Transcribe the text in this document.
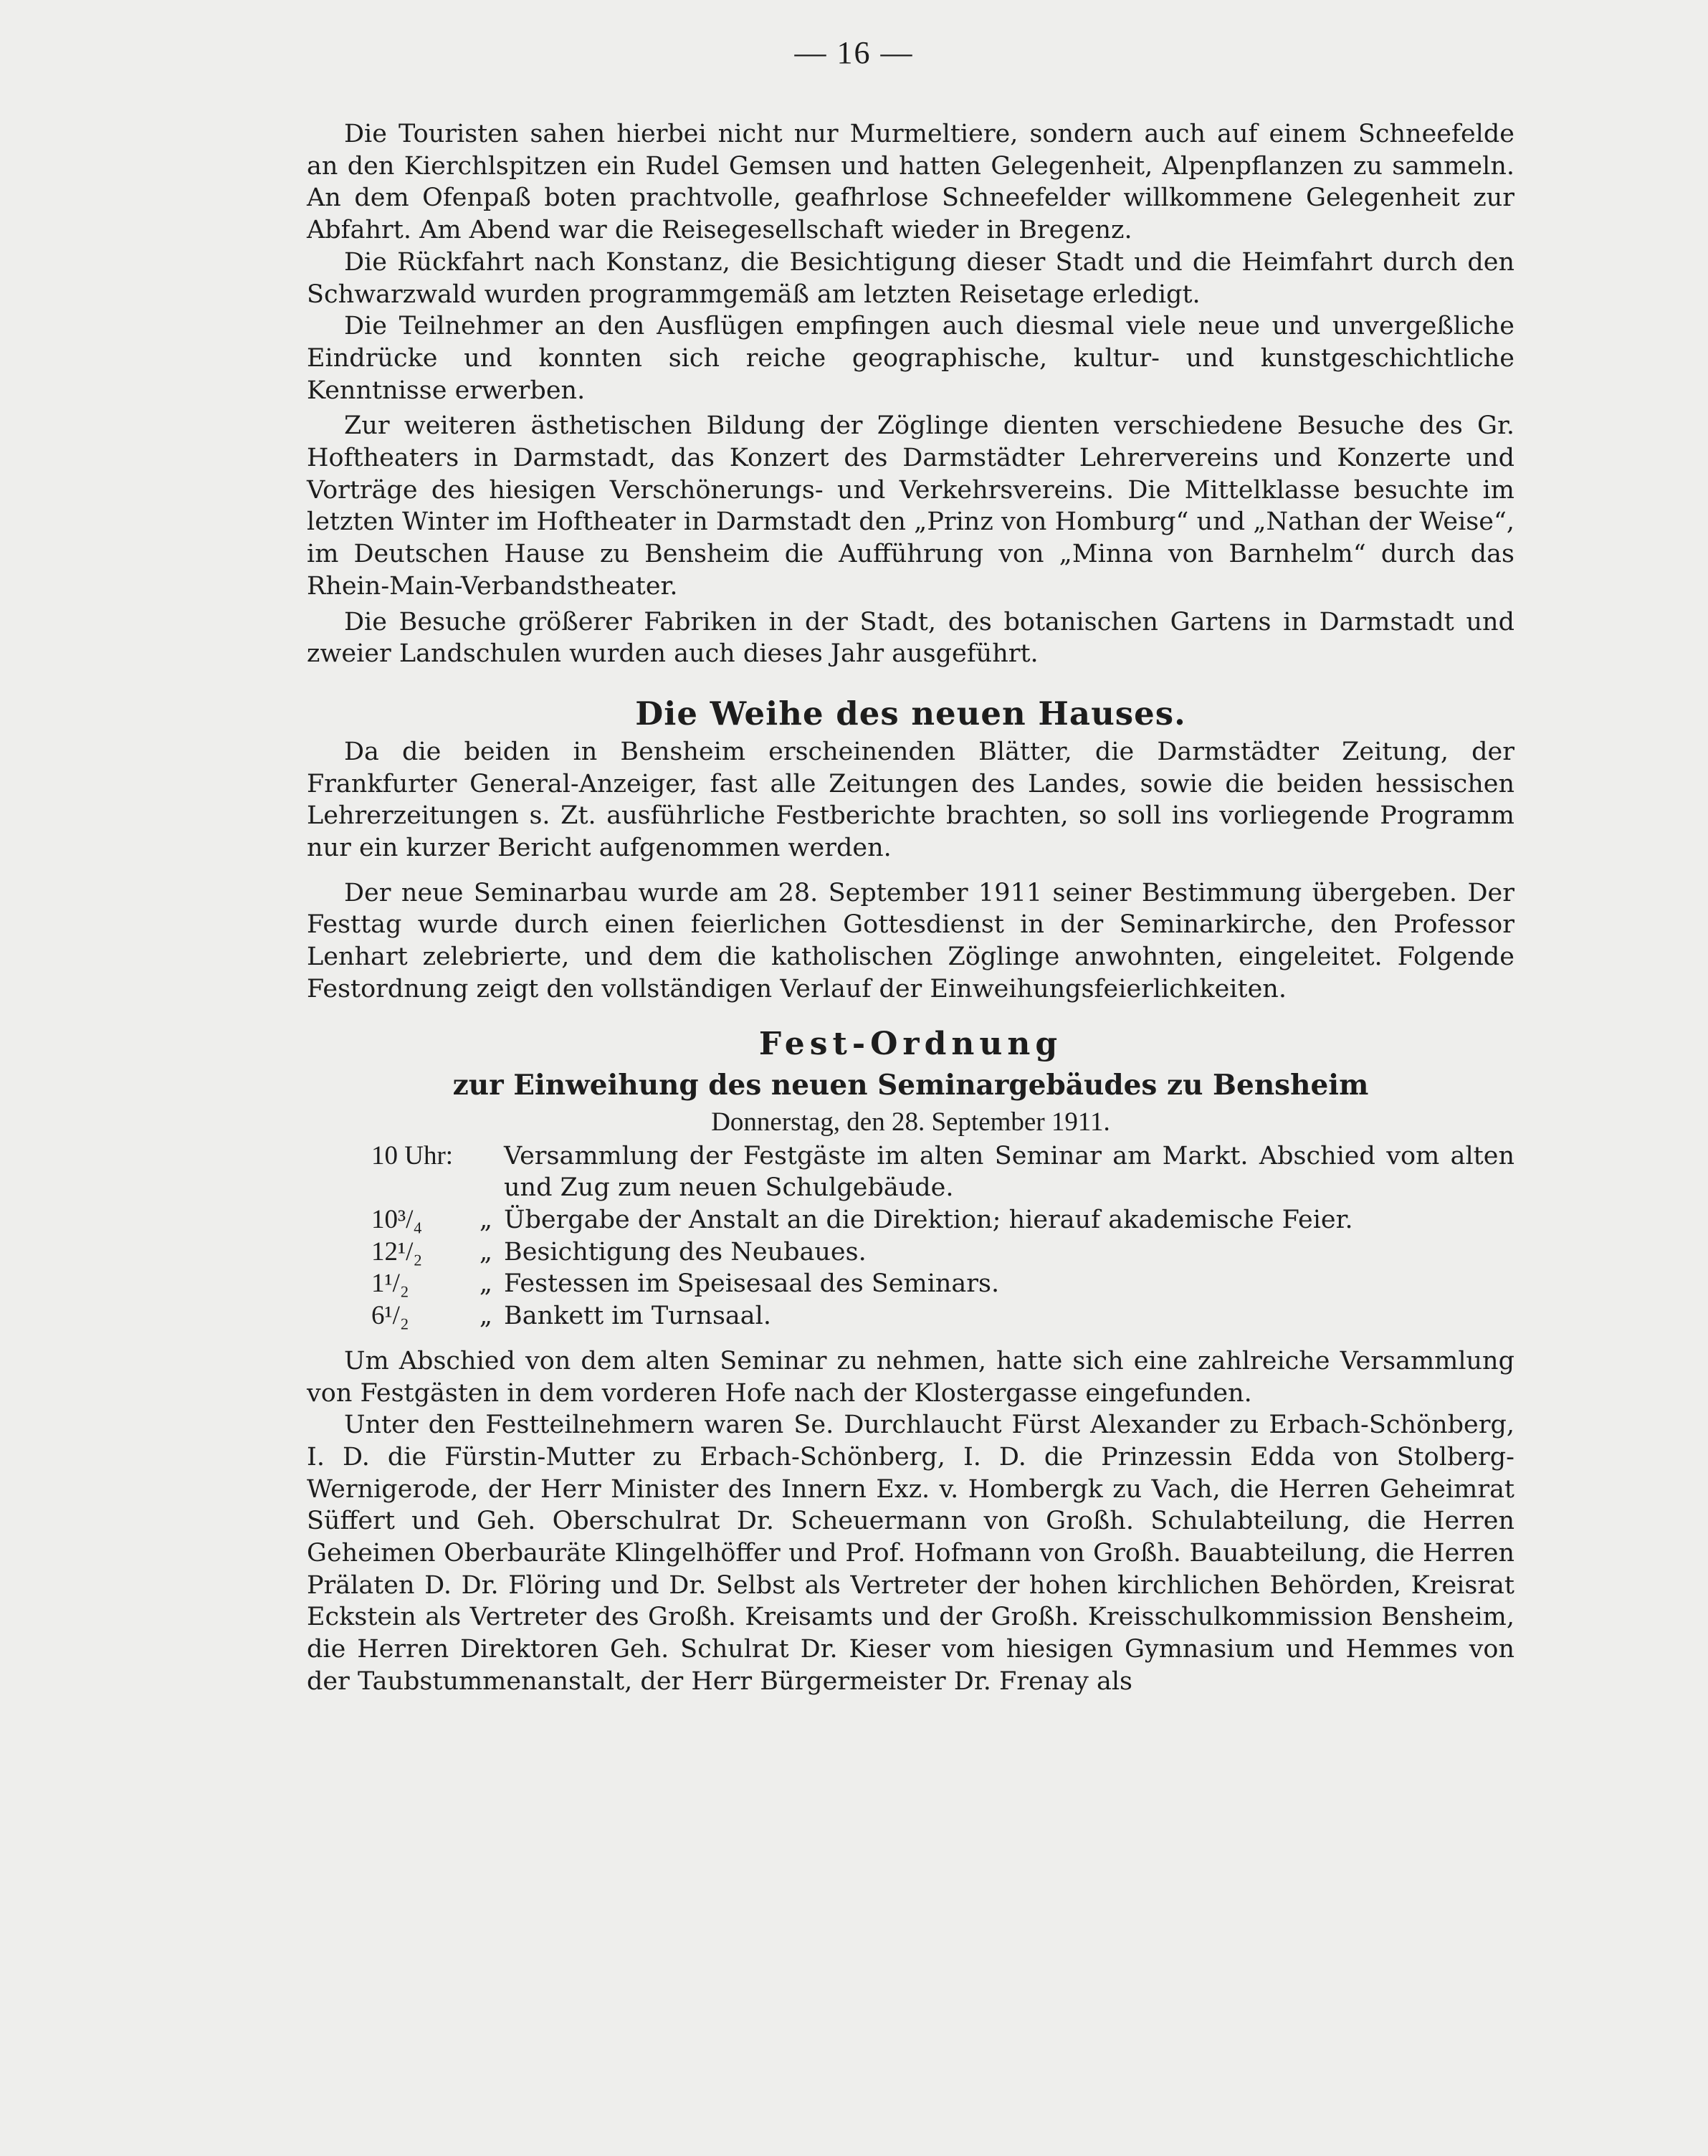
— 16 —

Die Touristen sahen hierbei nicht nur Murmeltiere, sondern auch auf einem Schneefelde an den Kierchlspitzen ein Rudel Gemsen und hatten Gelegenheit, Alpenpflanzen zu sammeln. An dem Ofenpaß boten prachtvolle, geafhrlose Schneefelder willkommene Gelegenheit zur Abfahrt. Am Abend war die Reisegesellschaft wieder in Bregenz.

Die Rückfahrt nach Konstanz, die Besichtigung dieser Stadt und die Heimfahrt durch den Schwarzwald wurden programmgemäß am letzten Reisetage erledigt.

Die Teilnehmer an den Ausflügen empfingen auch diesmal viele neue und unvergeßliche Eindrücke und konnten sich reiche geographische, kultur- und kunstgeschichtliche Kenntnisse erwerben.

Zur weiteren ästhetischen Bildung der Zöglinge dienten verschiedene Besuche des Gr. Hoftheaters in Darmstadt, das Konzert des Darmstädter Lehrervereins und Konzerte und Vorträge des hiesigen Verschönerungs- und Verkehrsvereins. Die Mittelklasse besuchte im letzten Winter im Hoftheater in Darmstadt den „Prinz von Homburg“ und „Nathan der Weise“, im Deutschen Hause zu Bensheim die Aufführung von „Minna von Barnhelm“ durch das Rhein-Main-Verbandstheater.

Die Besuche größerer Fabriken in der Stadt, des botanischen Gartens in Darmstadt und zweier Landschulen wurden auch dieses Jahr ausgeführt.

Die Weihe des neuen Hauses.

Da die beiden in Bensheim erscheinenden Blätter, die Darmstädter Zeitung, der Frankfurter General-Anzeiger, fast alle Zeitungen des Landes, sowie die beiden hessischen Lehrerzeitungen s. Zt. ausführliche Festberichte brachten, so soll ins vorliegende Programm nur ein kurzer Bericht aufgenommen werden.

Der neue Seminarbau wurde am 28. September 1911 seiner Bestimmung übergeben. Der Festtag wurde durch einen feierlichen Gottesdienst in der Seminarkirche, den Professor Lenhart zelebrierte, und dem die katholischen Zöglinge anwohnten, eingeleitet. Folgende Festordnung zeigt den vollständigen Verlauf der Einweihungsfeierlichkeiten.

Fest-Ordnung
zur Einweihung des neuen Seminargebäudes zu Bensheim
Donnerstag, den 28. September 1911.
10 Uhr:	Versammlung der Festgäste im alten Seminar am Markt. Abschied vom alten und Zug zum neuen Schulgebäude.
10³/₄	„ Übergabe der Anstalt an die Direktion; hierauf akademische Feier.
12¹/₂	„ Besichtigung des Neubaues.
1¹/₂	„ Festessen im Speisesaal des Seminars.
6¹/₂	„ Bankett im Turnsaal.

Um Abschied von dem alten Seminar zu nehmen, hatte sich eine zahlreiche Versammlung von Festgästen in dem vorderen Hofe nach der Klostergasse eingefunden.

Unter den Festteilnehmern waren Se. Durchlaucht Fürst Alexander zu Erbach-Schönberg, I. D. die Fürstin-Mutter zu Erbach-Schönberg, I. D. die Prinzessin Edda von Stolberg-Wernigerode, der Herr Minister des Innern Exz. v. Hombergk zu Vach, die Herren Geheimrat Süffert und Geh. Oberschulrat Dr. Scheuermann von Großh. Schulabteilung, die Herren Geheimen Oberbauräte Klingelhöffer und Prof. Hofmann von Großh. Bauabteilung, die Herren Prälaten D. Dr. Flöring und Dr. Selbst als Vertreter der hohen kirchlichen Behörden, Kreisrat Eckstein als Vertreter des Großh. Kreisamts und der Großh. Kreisschulkommission Bensheim, die Herren Direktoren Geh. Schulrat Dr. Kieser vom hiesigen Gymnasium und Hemmes von der Taubstummenanstalt, der Herr Bürgermeister Dr. Frenay als
